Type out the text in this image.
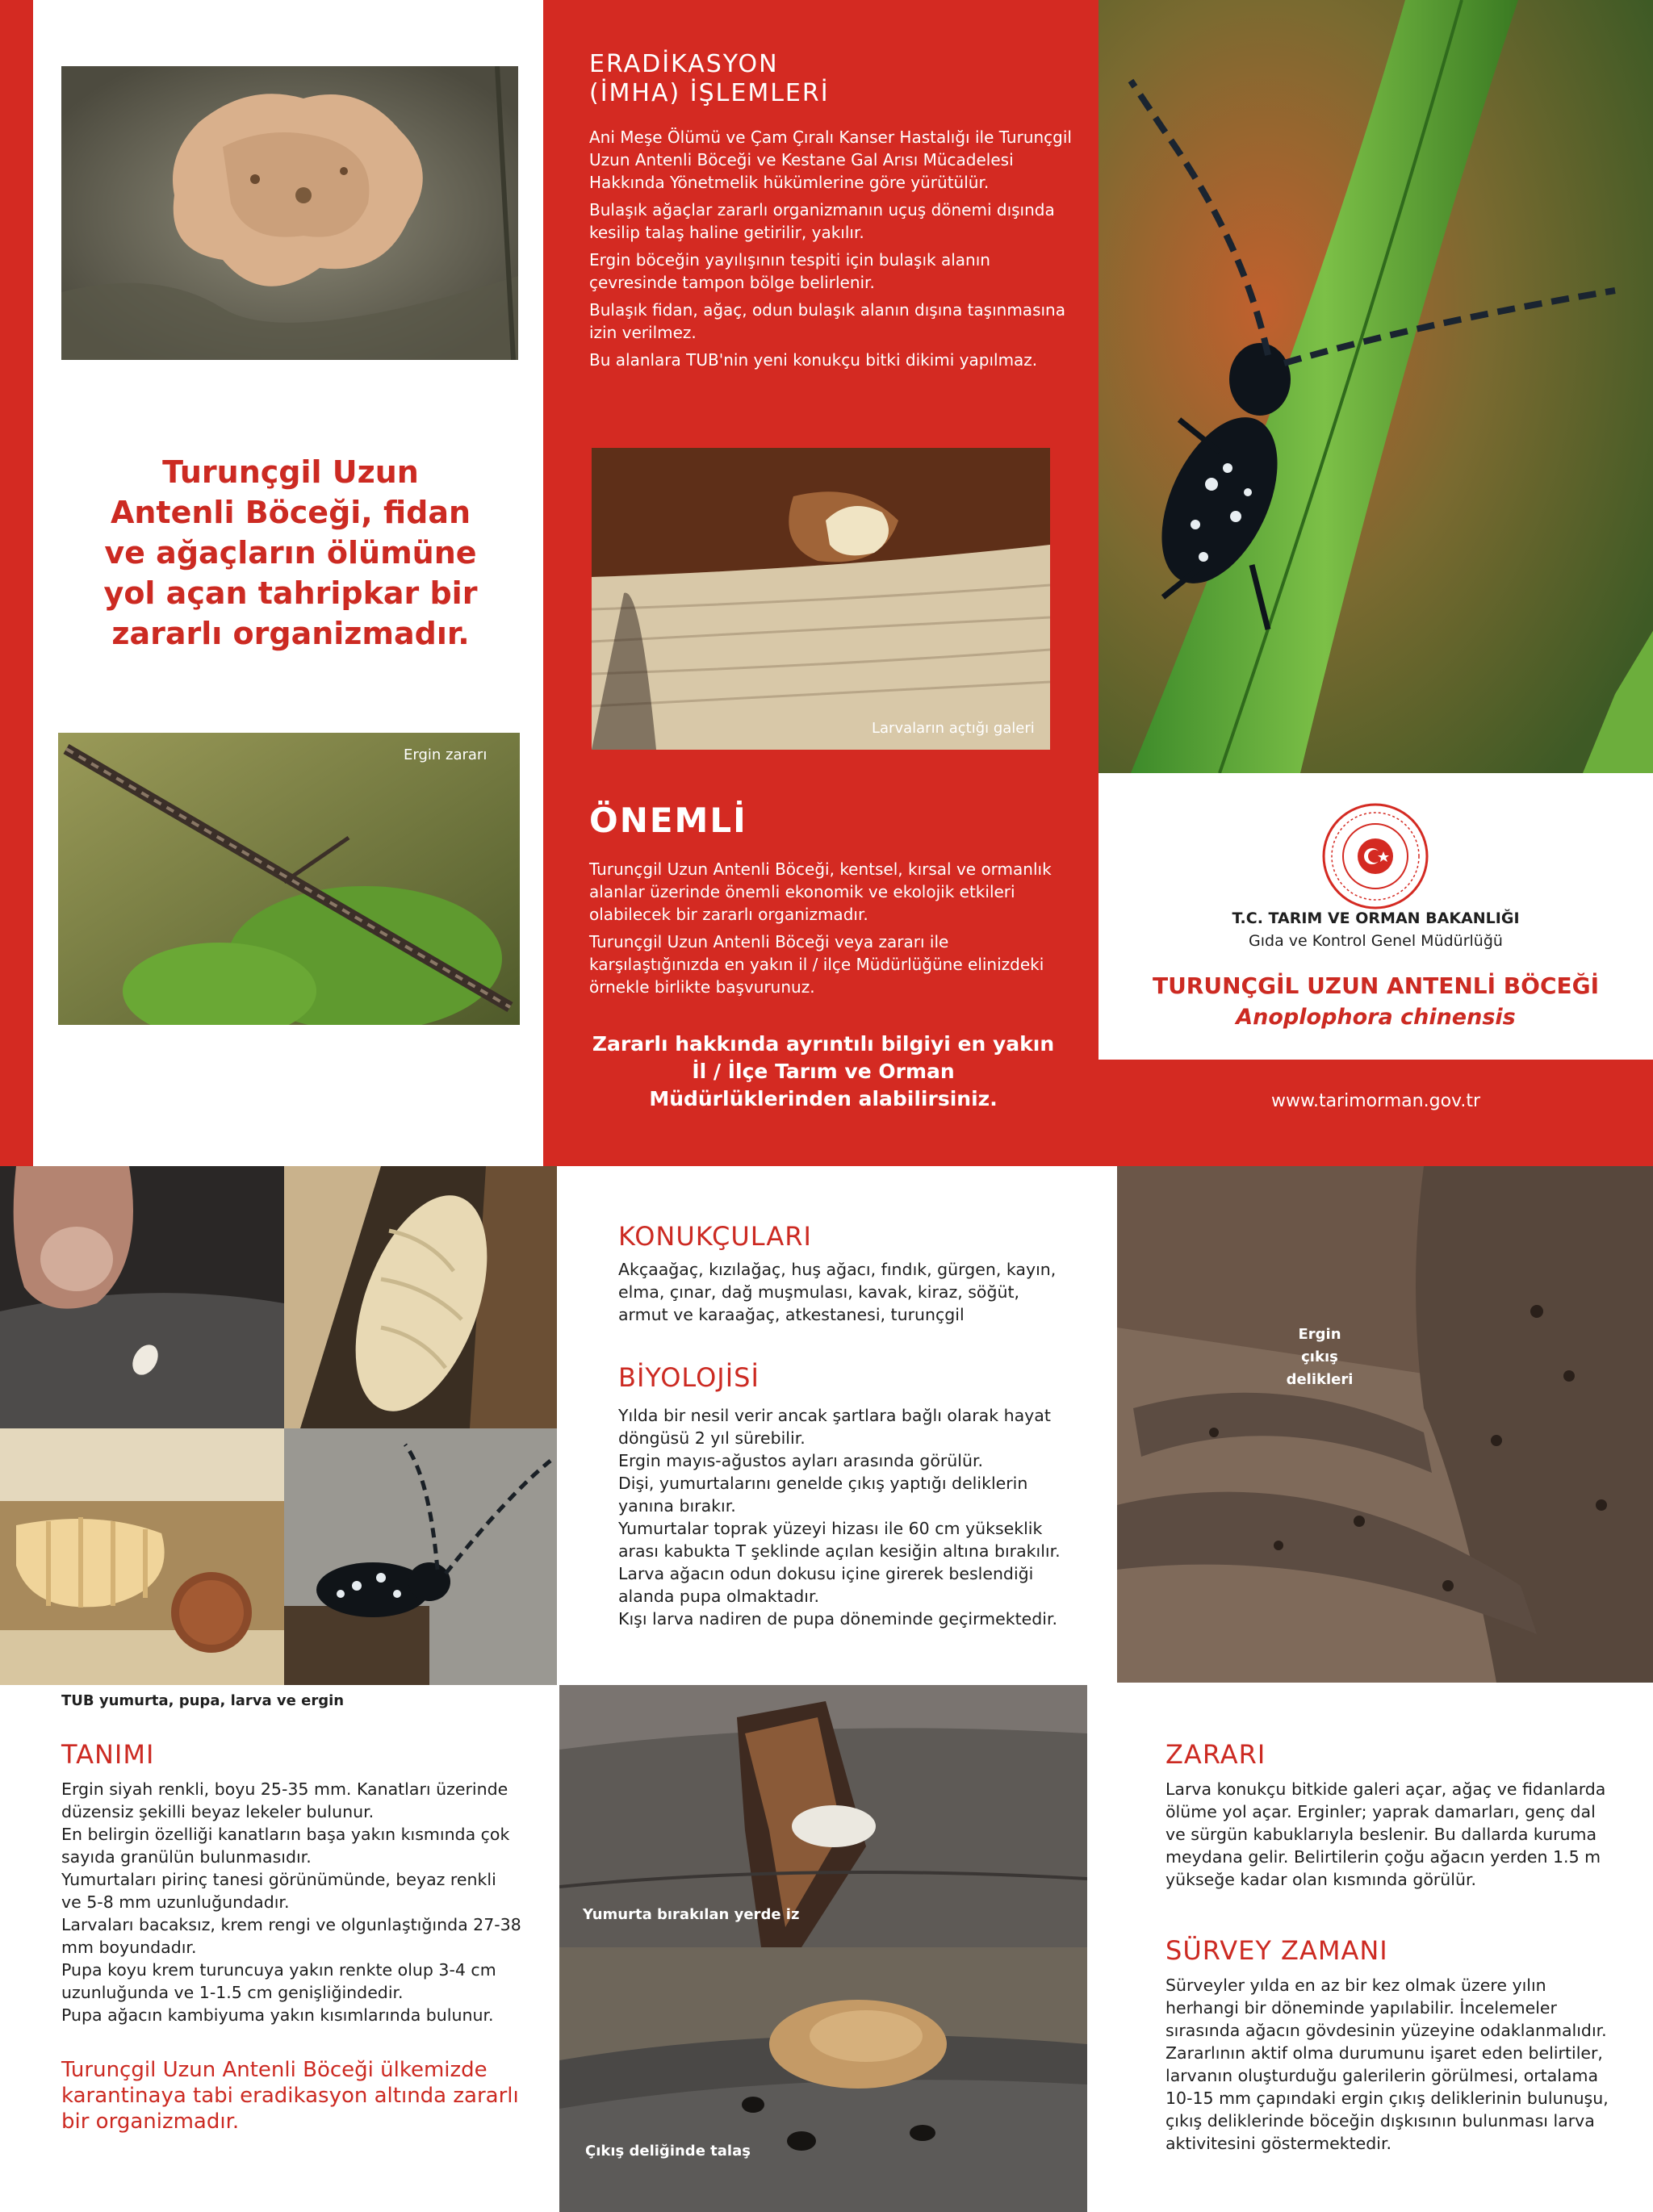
ERADİKASYON
(İMHA) İŞLEMLERİ

Ani Meşe Ölümü ve Çam Çıralı Kanser Hastalığı ile Turunçgil Uzun Antenli Böceği ve Kestane Gal Arısı Mücadelesi Hakkında Yönetmelik hükümlerine göre yürütülür.

Bulaşık ağaçlar zararlı organizmanın uçuş dönemi dışında kesilip talaş haline getirilir, yakılır.

Ergin böceğin yayılışının tespiti için bulaşık alanın çevresinde tampon bölge belirlenir.

Bulaşık fidan, ağaç, odun bulaşık alanın dışına taşınmasına izin verilmez.

Bu alanlara TUB'nin yeni konukçu bitki dikimi yapılmaz.

Turunçgil Uzun Antenli Böceği, fidan ve ağaçların ölümüne yol açan tahripkar bir zararlı organizmadır.
Larvaların açtığı galeri
Ergin zararı
ÖNEMLİ

Turunçgil Uzun Antenli Böceği, kentsel, kırsal ve ormanlık alanlar üzerinde önemli ekonomik ve ekolojik etkileri olabilecek bir zararlı organizmadır.

Turunçgil Uzun Antenli Böceği veya zararı ile karşılaştığınızda en yakın il / ilçe Müdürlüğüne elinizdeki örnekle birlikte başvurunuz.

Zararlı hakkında ayrıntılı bilgiyi en yakın İl / İlçe Tarım ve Orman Müdürlüklerinden alabilirsiniz.
T.C. TARIM VE ORMAN BAKANLIĞI
Gıda ve Kontrol Genel Müdürlüğü
TURUNÇGİL UZUN ANTENLİ BÖCEĞİ
Anoplophora chinensis
www.tarimorman.gov.tr
TUB yumurta, pupa, larva ve ergin
KONUKÇULARI

Akçaağaç, kızılağaç, huş ağacı, fındık, gürgen, kayın, elma, çınar, dağ muşmulası, kavak, kiraz, söğüt, armut ve karaağaç, atkestanesi, turunçgil

BİYOLOJİSİ

Yılda bir nesil verir ancak şartlara bağlı olarak hayat döngüsü 2 yıl sürebilir.

Ergin mayıs-ağustos ayları arasında görülür.

Dişi, yumurtalarını genelde çıkış yaptığı deliklerin yanına bırakır.

Yumurtalar toprak yüzeyi hizası ile 60 cm yükseklik arası kabukta T şeklinde açılan kesiğin altına bırakılır.

Larva ağacın odun dokusu içine girerek beslendiği alanda pupa olmaktadır.

Kışı larva nadiren de pupa döneminde geçirmektedir.

Ergin çıkış delikleri
TANIMI

Ergin siyah renkli, boyu 25-35 mm. Kanatları üzerinde düzensiz şekilli beyaz lekeler bulunur.

En belirgin özelliği kanatların başa yakın kısmında çok sayıda granülün bulunmasıdır.

Yumurtaları pirinç tanesi görünümünde, beyaz renkli ve 5-8 mm uzunluğundadır.

Larvaları bacaksız, krem rengi ve olgunlaştığında 27-38 mm boyundadır.

Pupa koyu krem turuncuya yakın renkte olup 3-4 cm uzunluğunda ve 1-1.5 cm genişliğindedir.

Pupa ağacın kambiyuma yakın kısımlarında bulunur.

Turunçgil Uzun Antenli Böceği ülkemizde karantinaya tabi eradikasyon altında zararlı bir organizmadır.

Yumurta bırakılan yerde iz
Çıkış deliğinde talaş
ZARARI

Larva konukçu bitkide galeri açar, ağaç ve fidanlarda ölüme yol açar. Erginler; yaprak damarları, genç dal ve sürgün kabuklarıyla beslenir. Bu dallarda kuruma meydana gelir. Belirtilerin çoğu ağacın yerden 1.5 m yükseğe kadar olan kısmında görülür.

SÜRVEY ZAMANI

Sürveyler yılda en az bir kez olmak üzere yılın herhangi bir döneminde yapılabilir. İncelemeler sırasında ağacın gövdesinin yüzeyine odaklanmalıdır. Zararlının aktif olma durumunu işaret eden belirtiler, larvanın oluşturduğu galerilerin görülmesi, ortalama 10-15 mm çapındaki ergin çıkış deliklerinin bulunuşu, çıkış deliklerinde böceğin dışkısının bulunması larva aktivitesini göstermektedir.
